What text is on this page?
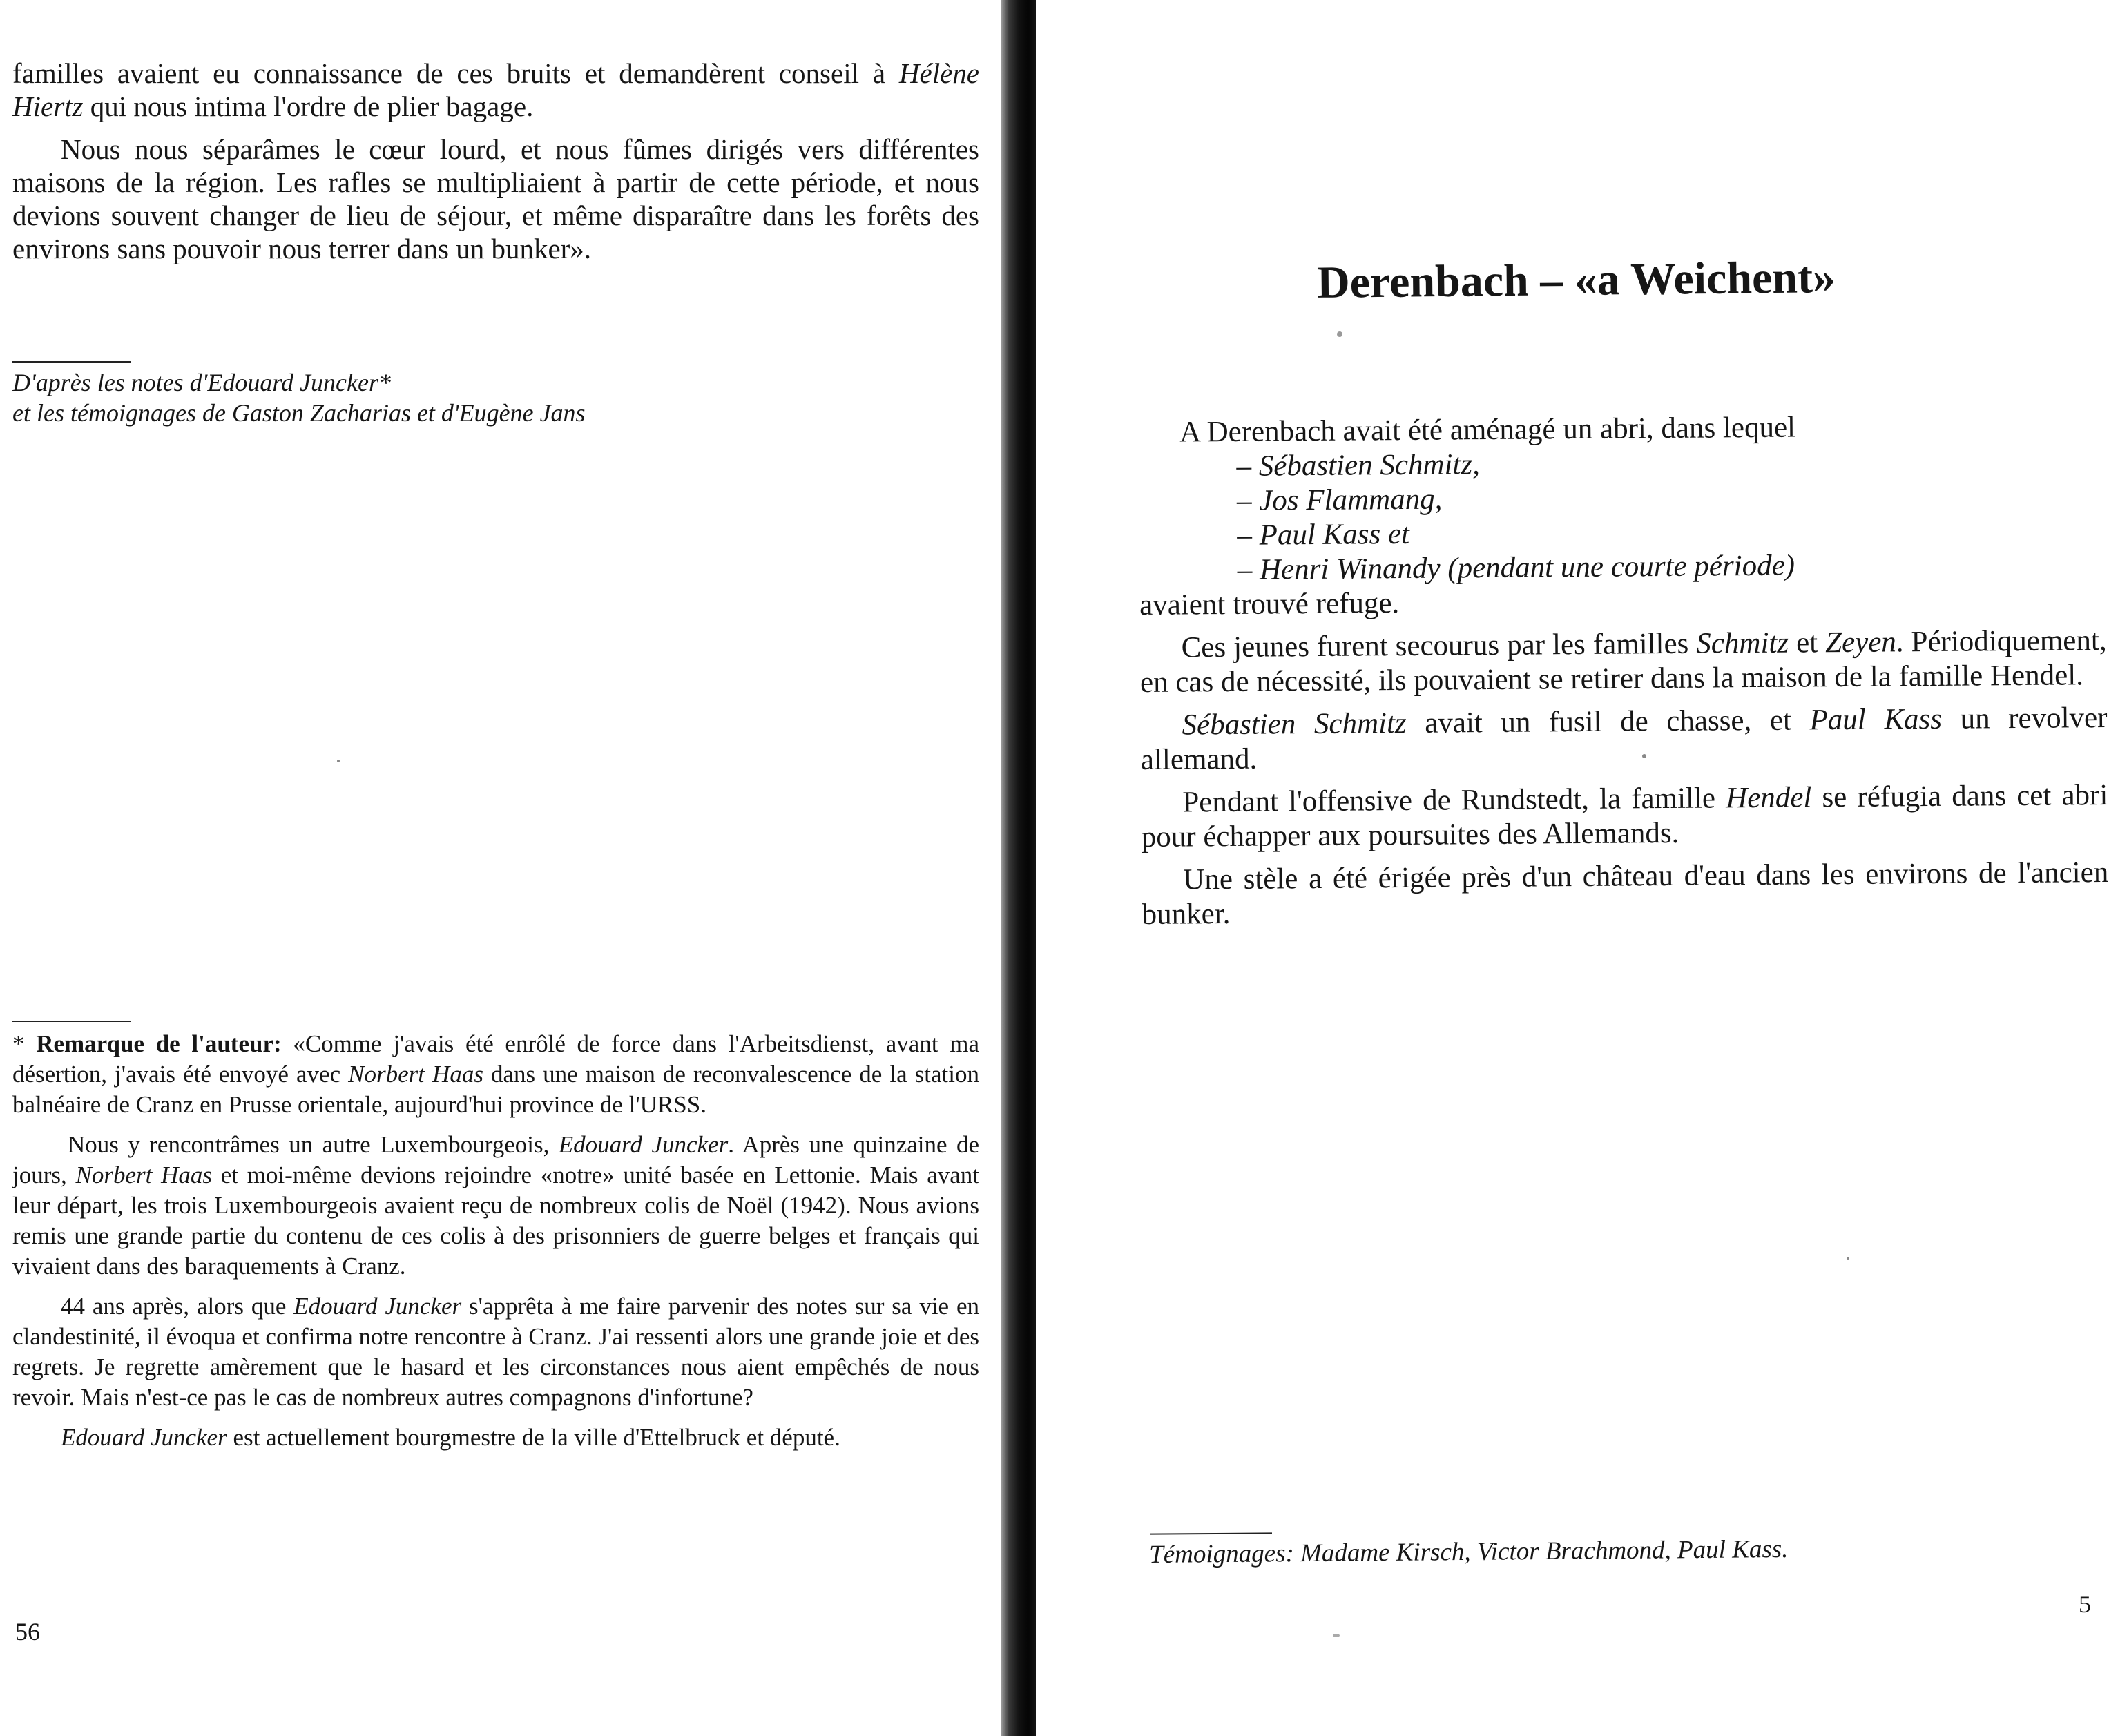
familles avaient eu connaissance de ces bruits et demandèrent conseil à Hélène Hiertz qui nous intima l'ordre de plier bagage.

Nous nous séparâmes le cœur lourd, et nous fûmes dirigés vers différentes maisons de la région. Les rafles se multipliaient à partir de cette période, et nous devions souvent changer de lieu de séjour, et même disparaître dans les forêts des environs sans pouvoir nous terrer dans un bunker».

D'après les notes d'Edouard Juncker*

et les témoignages de Gaston Zacharias et d'Eugène Jans

* Remarque de l'auteur: «Comme j'avais été enrôlé de force dans l'Arbeitsdienst, avant ma désertion, j'avais été envoyé avec Norbert Haas dans une maison de reconvalescence de la station balnéaire de Cranz en Prusse orientale, aujourd'hui province de l'URSS.

Nous y rencontrâmes un autre Luxembourgeois, Edouard Juncker. Après une quinzaine de jours, Norbert Haas et moi-même devions rejoindre «notre» unité basée en Lettonie. Mais avant leur départ, les trois Luxembourgeois avaient reçu de nombreux colis de Noël (1942). Nous avions remis une grande partie du contenu de ces colis à des prisonniers de guerre belges et français qui vivaient dans des baraquements à Cranz.

44 ans après, alors que Edouard Juncker s'apprêta à me faire parvenir des notes sur sa vie en clandestinité, il évoqua et confirma notre rencontre à Cranz. J'ai ressenti alors une grande joie et des regrets. Je regrette amèrement que le hasard et les circonstances nous aient empêchés de nous revoir. Mais n'est-ce pas le cas de nombreux autres compagnons d'infortune?

Edouard Juncker est actuellement bourgmestre de la ville d'Ettelbruck et député.

56
Derenbach – «a Weichent»

A Derenbach avait été aménagé un abri, dans lequel

– Sébastien Schmitz,

– Jos Flammang,

– Paul Kass et

– Henri Winandy (pendant une courte période)

avaient trouvé refuge.

Ces jeunes furent secourus par les familles Schmitz et Zeyen. Périodiquement, en cas de nécessité, ils pouvaient se retirer dans la maison de la famille Hendel.

Sébastien Schmitz avait un fusil de chasse, et Paul Kass un revolver allemand.

Pendant l'offensive de Rundstedt, la famille Hendel se réfugia dans cet abri pour échapper aux poursuites des Allemands.

Une stèle a été érigée près d'un château d'eau dans les environs de l'ancien bunker.

Témoignages: Madame Kirsch, Victor Brachmond, Paul Kass.
5
